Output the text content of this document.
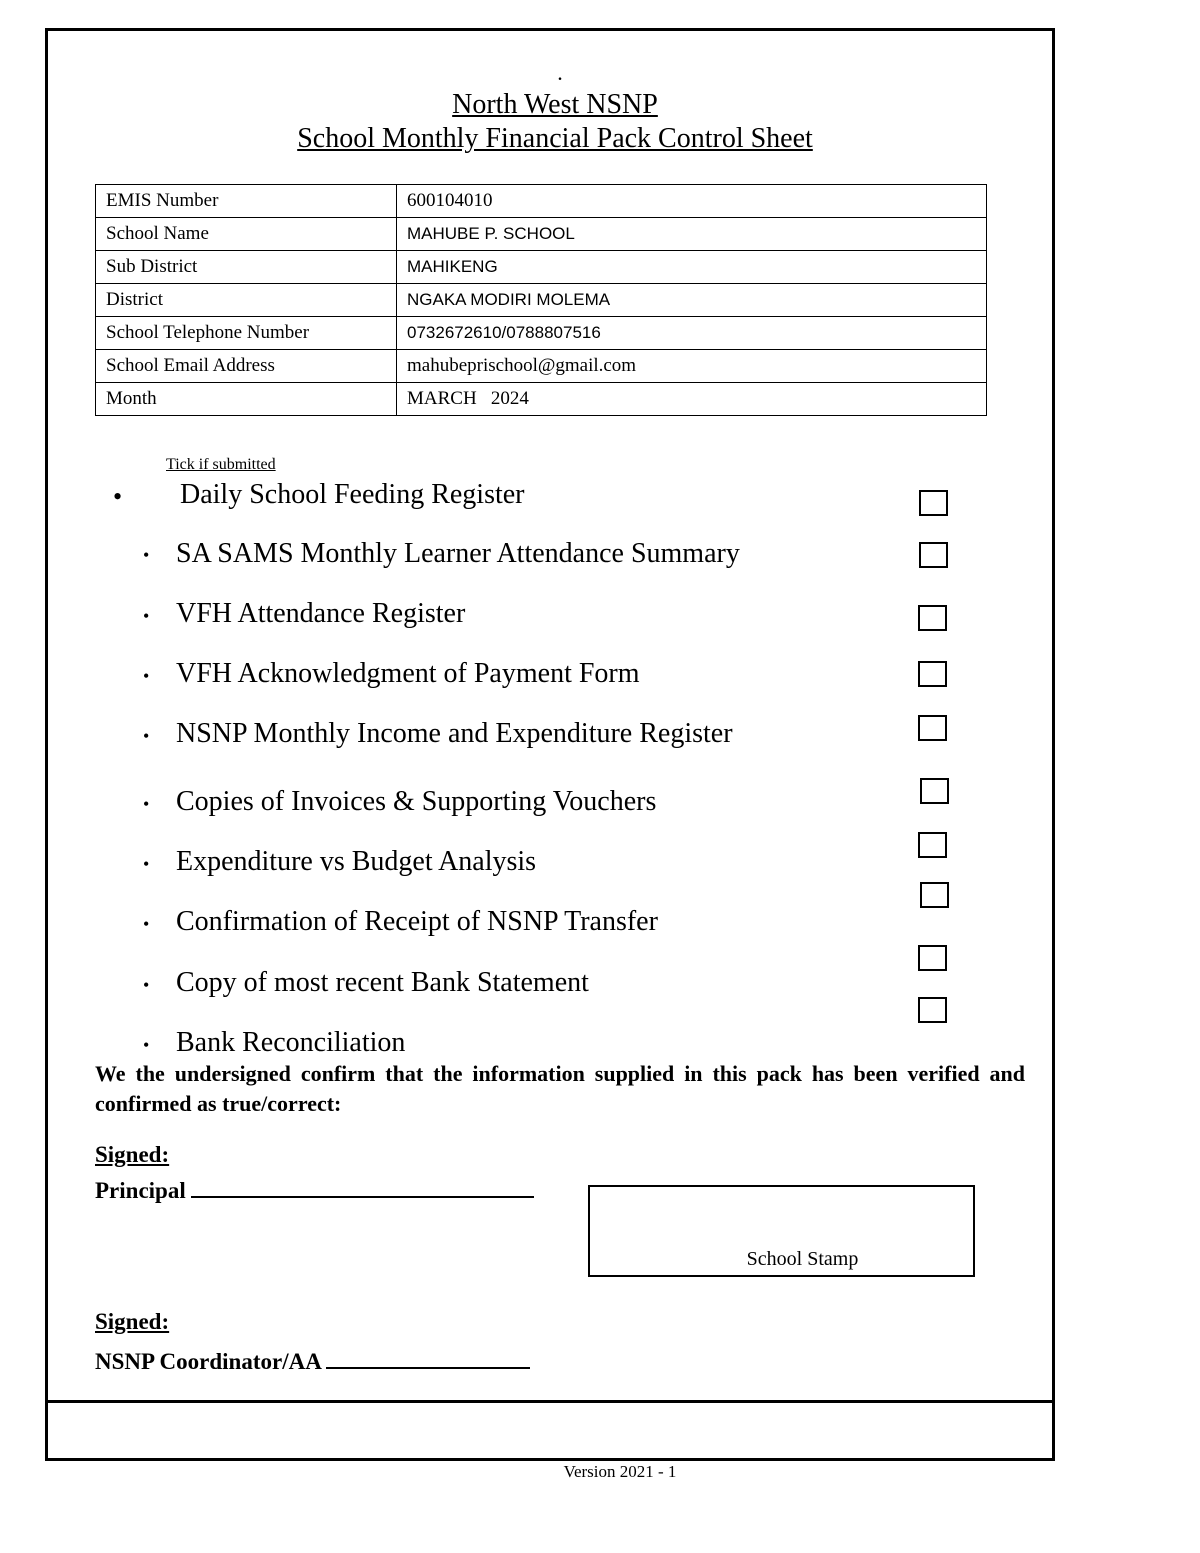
.
North West NSNP
School Monthly Financial Pack Control Sheet
EMIS Number	600104010
School Name	MAHUBE P. SCHOOL
Sub District	MAHIKENG
District	NGAKA MODIRI MOLEMA
School Telephone Number	0732672610/0788807516
School Email Address	mahubeprischool@gmail.com
Month	MARCH   2024
Tick if submitted
• Daily School Feeding Register
• SA SAMS Monthly Learner Attendance Summary
• VFH Attendance Register
• VFH Acknowledgment of Payment Form
• NSNP Monthly Income and Expenditure Register
• Copies of Invoices & Supporting Vouchers
• Expenditure vs Budget Analysis
• Confirmation of Receipt of NSNP Transfer
• Copy of most recent Bank Statement
• Bank Reconciliation
We the undersigned confirm that the information supplied in this pack has been verified and confirmed as true/correct:
Signed:
Principal
School Stamp
Signed:
NSNP Coordinator/AA
Version 2021 - 1
